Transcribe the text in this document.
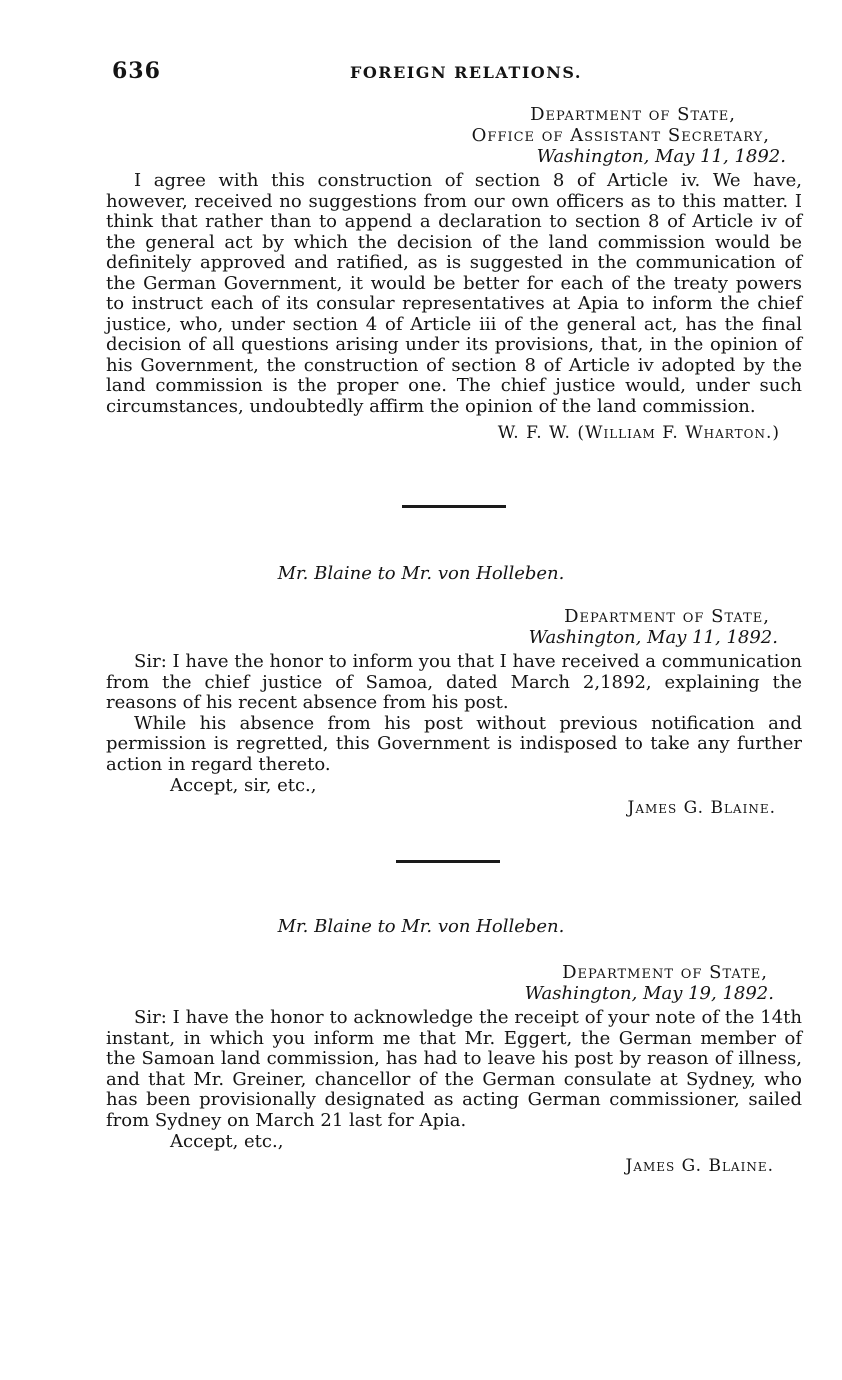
636	FOREIGN RELATIONS.
Department of State,
Office of Assistant Secretary,
Washington, May 11, 1892.

I agree with this construction of section 8 of Article iv. We have, however, received no suggestions from our own officers as to this matter. I think that rather than to append a declaration to section 8 of Article iv of the general act by which the decision of the land commission would be definitely approved and ratified, as is suggested in the communication of the German Government, it would be better for each of the treaty powers to instruct each of its consular representatives at Apia to inform the chief justice, who, under section 4 of Article iii of the general act, has the final decision of all questions arising under its provisions, that, in the opinion of his Government, the construction of section 8 of Article iv adopted by the land commission is the proper one. The chief justice would, under such circumstances, undoubtedly affirm the opinion of the land commission.

W. F. W. (William F. Wharton.)
Mr. Blaine to Mr. von Holleben.
Department of State,
Washington, May 11, 1892.

Sir: I have the honor to inform you that I have received a communication from the chief justice of Samoa, dated March 2,1892, explaining the reasons of his recent absence from his post.

While his absence from his post without previous notification and permission is regretted, this Government is indisposed to take any further action in regard thereto.

Accept, sir, etc.,

James G. Blaine.
Mr. Blaine to Mr. von Holleben.
Department of State,
Washington, May 19, 1892.

Sir: I have the honor to acknowledge the receipt of your note of the 14th instant, in which you inform me that Mr. Eggert, the German member of the Samoan land commission, has had to leave his post by reason of illness, and that Mr. Greiner, chancellor of the German consulate at Sydney, who has been provisionally designated as acting German commissioner, sailed from Sydney on March 21 last for Apia.

Accept, etc.,

James G. Blaine.
